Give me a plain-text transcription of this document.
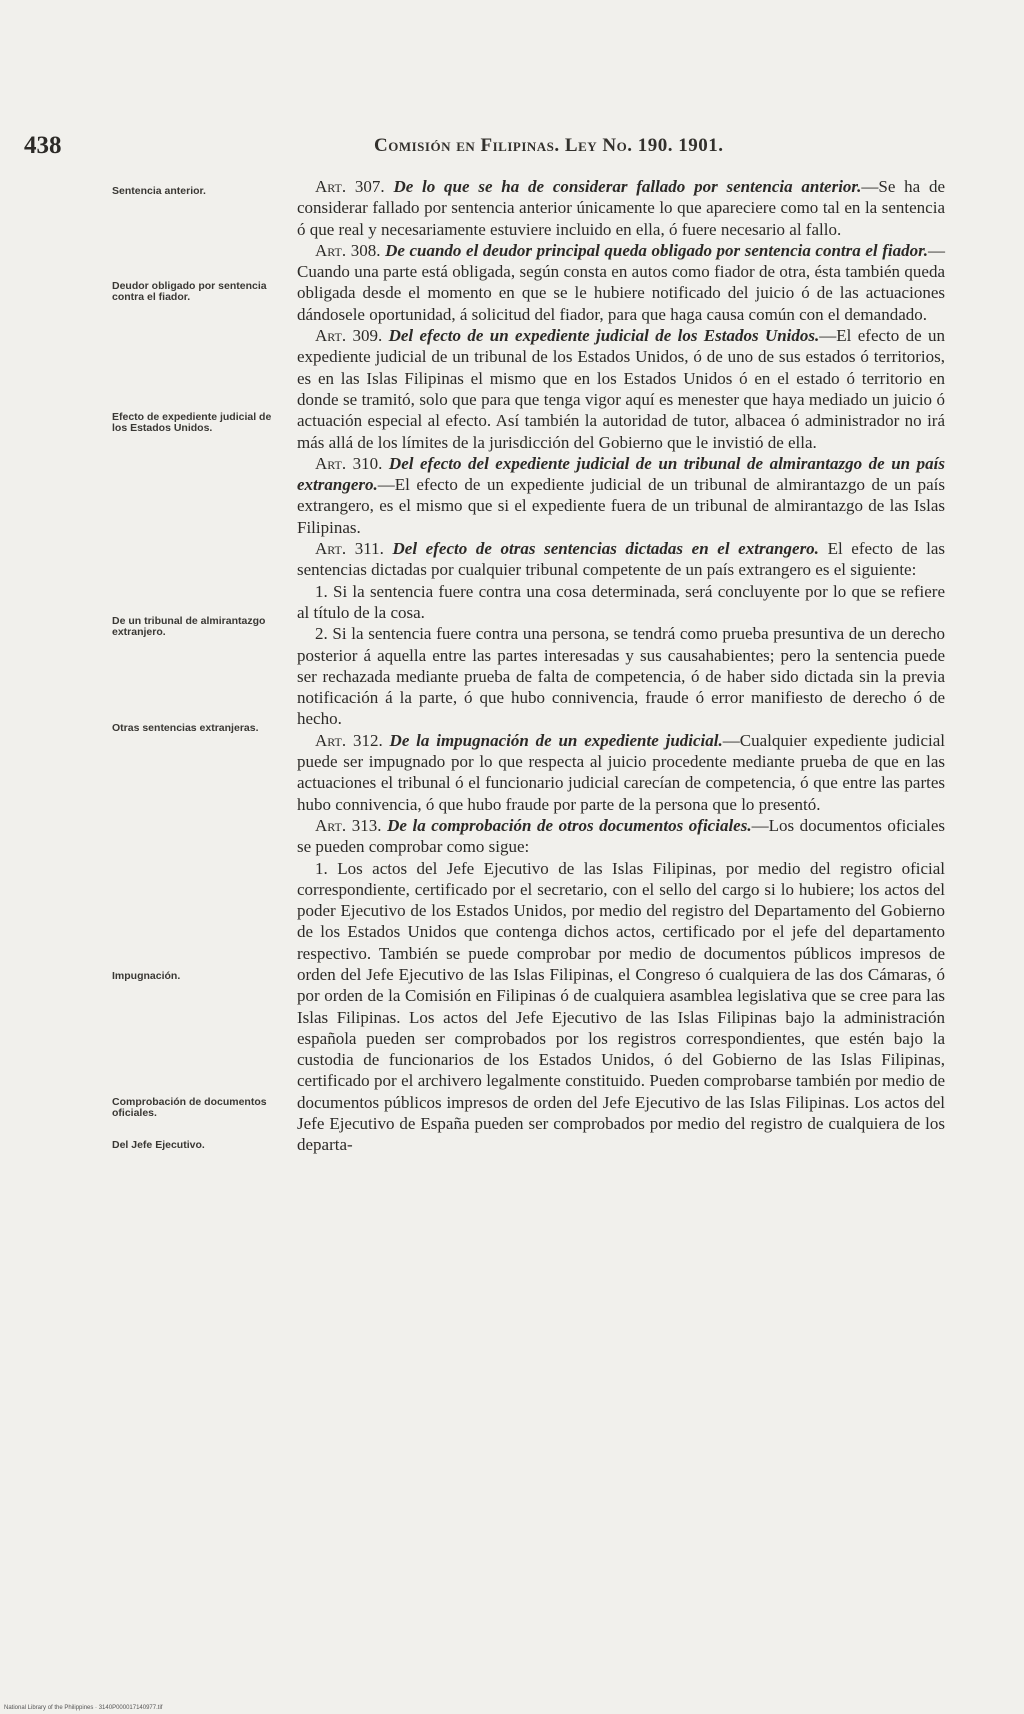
438	Comisión en Filipinas. Ley No. 190. 1901.
Sentencia anterior.
Deudor obligado por sentencia contra el fiador.
Efecto de expediente judicial de los Estados Unidos.
De un tribunal de almirantazgo extranjero.
Otras sentencias extranjeras.
Impugnación.
Comprobación de documentos oficiales.
Del Jefe Ejecutivo.

Art. 307. De lo que se ha de considerar fallado por sentencia anterior.—Se ha de considerar fallado por sentencia anterior únicamente lo que apareciere como tal en la sentencia ó que real y necesariamente estuviere incluido en ella, ó fuere necesario al fallo.

Art. 308. De cuando el deudor principal queda obligado por sentencia contra el fiador.—Cuando una parte está obligada, según consta en autos como fiador de otra, ésta también queda obligada desde el momento en que se le hubiere notificado del juicio ó de las actuaciones dándosele oportunidad, á solicitud del fiador, para que haga causa común con el demandado.

Art. 309. Del efecto de un expediente judicial de los Estados Unidos.—El efecto de un expediente judicial de un tribunal de los Estados Unidos, ó de uno de sus estados ó territorios, es en las Islas Filipinas el mismo que en los Estados Unidos ó en el estado ó territorio en donde se tramitó, solo que para que tenga vigor aquí es menester que haya mediado un juicio ó actuación especial al efecto. Así también la autoridad de tutor, albacea ó administrador no irá más allá de los límites de la jurisdicción del Gobierno que le invistió de ella.

Art. 310. Del efecto del expediente judicial de un tribunal de almirantazgo de un país extrangero.—El efecto de un expediente judicial de un tribunal de almirantazgo de un país extrangero, es el mismo que si el expediente fuera de un tribunal de almirantazgo de las Islas Filipinas.

Art. 311. Del efecto de otras sentencias dictadas en el extrangero. El efecto de las sentencias dictadas por cualquier tribunal competente de un país extrangero es el siguiente:

1. Si la sentencia fuere contra una cosa determinada, será concluyente por lo que se refiere al título de la cosa.

2. Si la sentencia fuere contra una persona, se tendrá como prueba presuntiva de un derecho posterior á aquella entre las partes interesadas y sus causahabientes; pero la sentencia puede ser rechazada mediante prueba de falta de competencia, ó de haber sido dictada sin la previa notificación á la parte, ó que hubo connivencia, fraude ó error manifiesto de derecho ó de hecho.

Art. 312. De la impugnación de un expediente judicial.—Cualquier expediente judicial puede ser impugnado por lo que respecta al juicio procedente mediante prueba de que en las actuaciones el tribunal ó el funcionario judicial carecían de competencia, ó que entre las partes hubo connivencia, ó que hubo fraude por parte de la persona que lo presentó.

Art. 313. De la comprobación de otros documentos oficiales.—Los documentos oficiales se pueden comprobar como sigue:

1. Los actos del Jefe Ejecutivo de las Islas Filipinas, por medio del registro oficial correspondiente, certificado por el secretario, con el sello del cargo si lo hubiere; los actos del poder Ejecutivo de los Estados Unidos, por medio del registro del Departamento del Gobierno de los Estados Unidos que contenga dichos actos, certificado por el jefe del departamento respectivo. También se puede comprobar por medio de documentos públicos impresos de orden del Jefe Ejecutivo de las Islas Filipinas, el Congreso ó cualquiera de las dos Cámaras, ó por orden de la Comisión en Filipinas ó de cualquiera asamblea legislativa que se cree para las Islas Filipinas. Los actos del Jefe Ejecutivo de las Islas Filipinas bajo la administración española pueden ser comprobados por los registros correspondientes, que estén bajo la custodia de funcionarios de los Estados Unidos, ó del Gobierno de las Islas Filipinas, certificado por el archivero legalmente constituido. Pueden comprobarse también por medio de documentos públicos impresos de orden del Jefe Ejecutivo de las Islas Filipinas. Los actos del Jefe Ejecutivo de España pueden ser comprobados por medio del registro de cualquiera de los departa-

National Library of the Philippines · 3140P000017140977.tif
